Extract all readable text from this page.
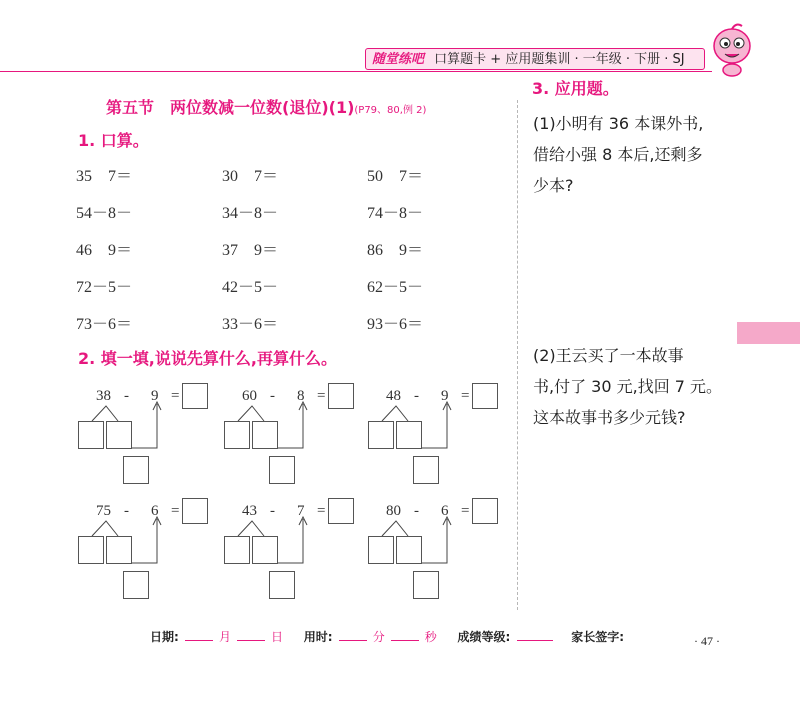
随堂练吧 口算题卡 + 应用题集训 · 一年级 · 下册 · SJ
第五节　两位数减一位数(退位)(1)(P79、80,例 2)
1. 口算。
35　7＝	30　7＝	50　7＝
54－8－	34－8－	74－8－
46　9＝	37　9＝	86　9＝
72－5－	42－5－	62－5－
73－6＝	33－6＝	93－6＝
2. 填一填,说说先算什么,再算什么。
38 - 9 =	60 - 8 =	48 - 9 =
75 - 6 =	43 - 7 =	80 - 6 =
3. 应用题。
(1)小明有 36 本课外书,
借给小强 8 本后,还剩多
少本?
(2)王云买了一本故事
书,付了 30 元,找回 7 元。
这本故事书多少元钱?
日期:	月	日 用时:	分	秒 成绩等级:	家长签字:	· 47 ·
